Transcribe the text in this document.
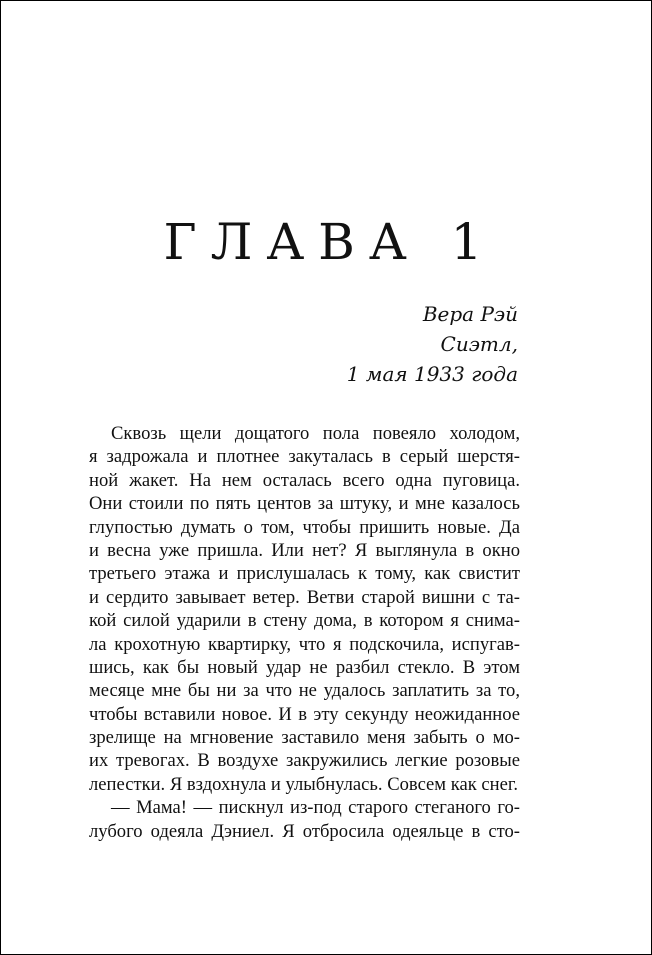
ГЛАВА 1
Вера Рэй
Сиэтл,
1 мая 1933 года
Сквозь щели дощатого пола повеяло холодом,
я задрожала и плотнее закуталась в серый шерстя-
ной жакет. На нем осталась всего одна пуговица.
Они стоили по пять центов за штуку, и мне казалось
глупостью думать о том, чтобы пришить новые. Да
и весна уже пришла. Или нет? Я выглянула в окно
третьего этажа и прислушалась к тому, как свистит
и сердито завывает ветер. Ветви старой вишни с та-
кой силой ударили в стену дома, в котором я снима-
ла крохотную квартирку, что я подскочила, испугав-
шись, как бы новый удар не разбил стекло. В этом
месяце мне бы ни за что не удалось заплатить за то,
чтобы вставили новое. И в эту секунду неожиданное
зрелище на мгновение заставило меня забыть о мо-
их тревогах. В воздухе закружились легкие розовые
лепестки. Я вздохнула и улыбнулась. Совсем как снег.
— Мама! — пискнул из-под старого стеганого го-
лубого одеяла Дэниел. Я отбросила одеяльце в сто-
